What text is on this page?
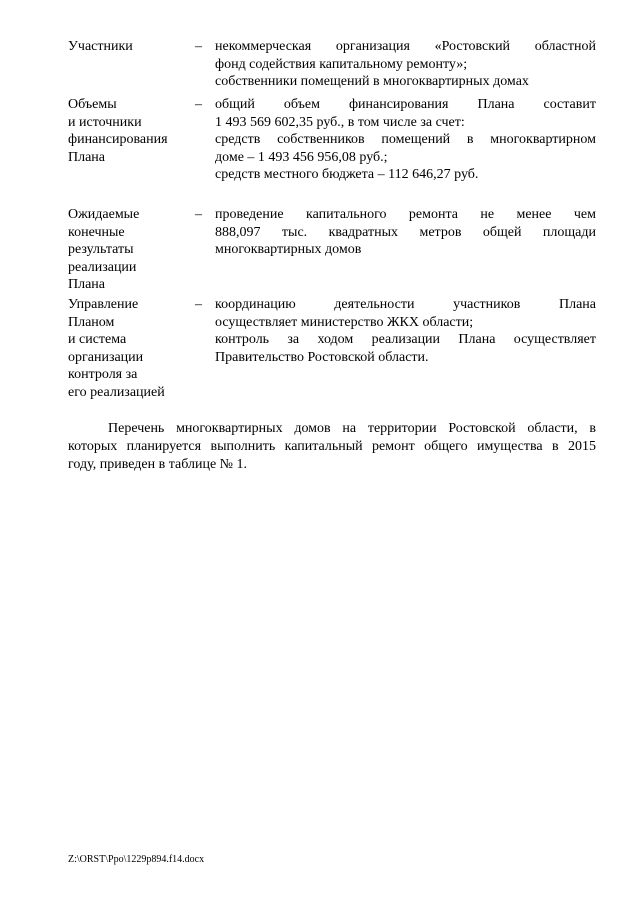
Участники	– некоммерческая организация «Ростовский областной
фонд содействия капитальному ремонту»;
собственники помещений в многоквартирных домах
Объемы
и источники
финансирования
Плана
– общий объем финансирования Плана составит
1 493 569 602,35 руб., в том числе за счет:
средств собственников помещений в многоквартирном
доме – 1 493 456 956,08 руб.;
средств местного бюджета – 112 646,27 руб.
Ожидаемые
конечные
результаты
реализации
Плана
– проведение капитального ремонта не менее чем
888,097 тыс. квадратных метров общей площади
многоквартирных домов
Управление
Планом
и система
организации
контроля за
его реализацией
– координацию деятельности участников Плана
осуществляет министерство ЖКХ области;
контроль за ходом реализации Плана осуществляет
Правительство Ростовской области.
Перечень многоквартирных домов на территории Ростовской области, в
которых планируется выполнить капитальный ремонт общего имущества в 2015
году, приведен в таблице № 1.
Z:\ORST\Ppo\1229p894.f14.docx
